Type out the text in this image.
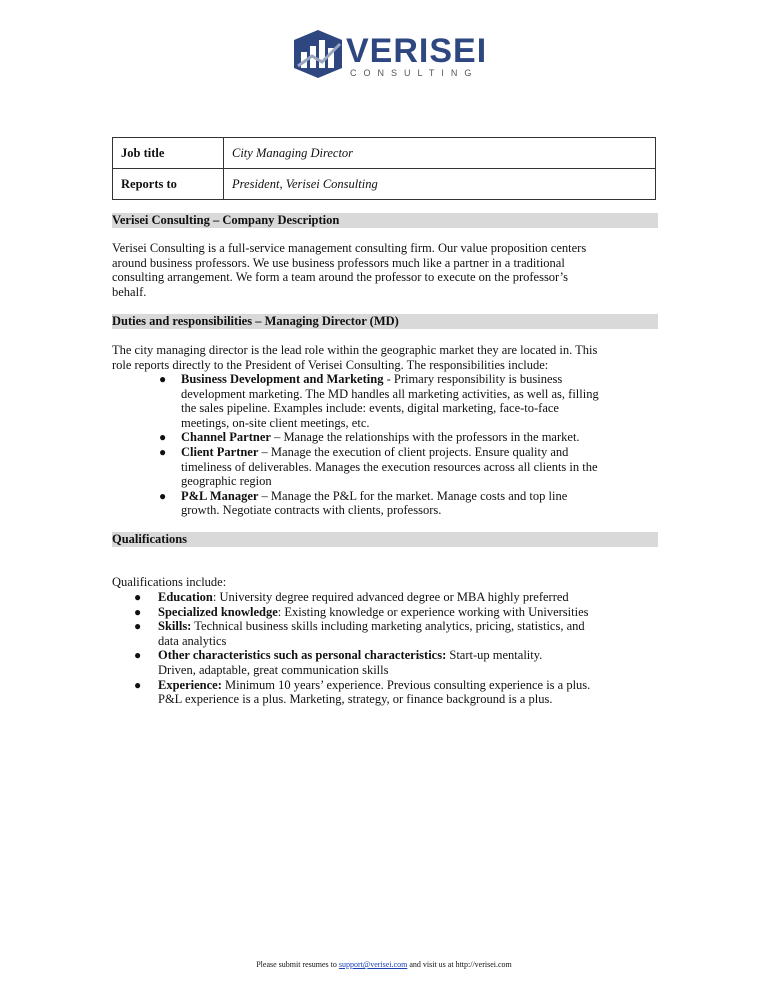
VERISEI
CONSULTING
Job title	City Managing Director
Reports to	President, Verisei Consulting
Verisei Consulting – Company Description
Verisei Consulting is a full-service management consulting firm. Our value proposition centers
around business professors. We use business professors much like a partner in a traditional
consulting arrangement. We form a team around the professor to execute on the professor’s
behalf.
Duties and responsibilities – Managing Director (MD)
The city managing director is the lead role within the geographic market they are located in. This
role reports directly to the President of Verisei Consulting. The responsibilities include:
● Business Development and Marketing - Primary responsibility is business
development marketing. The MD handles all marketing activities, as well as, filling
the sales pipeline. Examples include: events, digital marketing, face-to-face
meetings, on-site client meetings, etc.
● Channel Partner – Manage the relationships with the professors in the market.
● Client Partner – Manage the execution of client projects. Ensure quality and
timeliness of deliverables. Manages the execution resources across all clients in the
geographic region
● P&L Manager – Manage the P&L for the market. Manage costs and top line
growth. Negotiate contracts with clients, professors.
Qualifications
Qualifications include:
● Education: University degree required advanced degree or MBA highly preferred
● Specialized knowledge: Existing knowledge or experience working with Universities
● Skills: Technical business skills including marketing analytics, pricing, statistics, and
data analytics
● Other characteristics such as personal characteristics: Start-up mentality.
Driven, adaptable, great communication skills
● Experience: Minimum 10 years’ experience. Previous consulting experience is a plus.
P&L experience is a plus. Marketing, strategy, or finance background is a plus.
Please submit resumes to support@verisei.com and visit us at http://verisei.com
